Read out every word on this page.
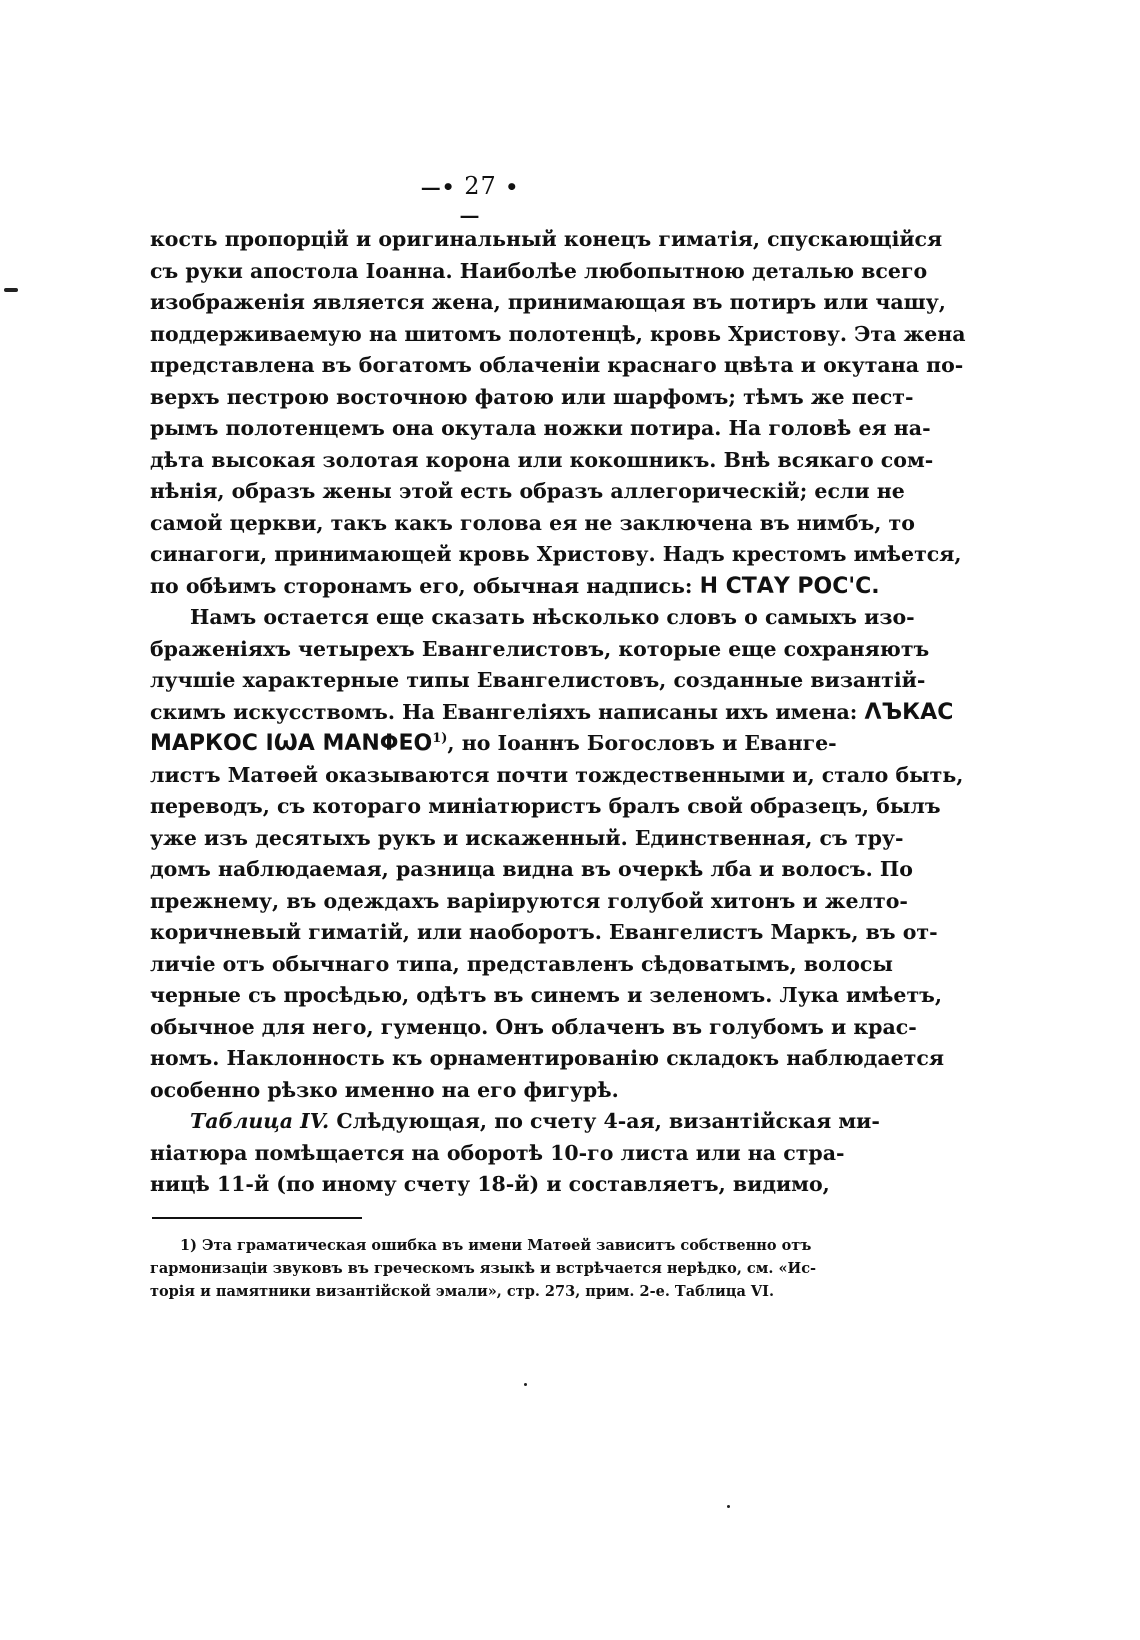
—• 27 •—
кость пропорцій и оригинальный конецъ гиматія, спускающійся
съ руки апостола Іоанна. Наиболѣе любопытною деталью всего
изображенія является жена, принимающая въ потиръ или чашу,
поддерживаемую на шитомъ полотенцѣ, кровь Христову. Эта жена
представлена въ богатомъ облаченіи краснаго цвѣта и окутана по-
верхъ пестрою восточною фатою или шарфомъ; тѣмъ же пест-
рымъ полотенцемъ она окутала ножки потира. На головѣ ея на-
дѣта высокая золотая корона или кокошникъ. Внѣ всякаго сом-
нѣнія, образъ жены этой есть образъ аллегорическій; если не
самой церкви, такъ какъ голова ея не заключена въ нимбъ, то
синагоги, принимающей кровь Христову. Надъ крестомъ имѣется,
по обѣимъ сторонамъ его, обычная надпись: Η СΤΑΥ ΡΟС'С.
Намъ остается еще сказать нѣсколько словъ о самыхъ изо-
браженіяхъ четырехъ Евангелистовъ, которые еще сохраняютъ
лучшіе характерные типы Евангелистовъ, созданные византій-
скимъ искусствомъ. На Евангеліяхъ написаны ихъ имена: ΛЪКАС
МАРКОС ІѠА ΜΑΝΦΕΟ$^{1)}$, но Іоаннъ Богословъ и Еванге-
листъ Матѳей оказываются почти тождественными и, стало быть,
переводъ, съ котораго миніатюристъ бралъ свой образецъ, былъ
уже изъ десятыхъ рукъ и искаженный. Единственная, съ тру-
домъ наблюдаемая, разница видна въ очеркѣ лба и волосъ. По
прежнему, въ одеждахъ варіируются голубой хитонъ и желто-
коричневый гиматій, или наоборотъ. Евангелистъ Маркъ, въ от-
личіе отъ обычнаго типа, представленъ сѣдоватымъ, волосы
черные съ просѣдью, одѣтъ въ синемъ и зеленомъ. Лука имѣетъ,
обычное для него, гуменцо. Онъ облаченъ въ голубомъ и крас-
номъ. Наклонность къ орнаментированію складокъ наблюдается
особенно рѣзко именно на его фигурѣ.
Таблица IV. Слѣдующая, по счету 4-ая, византійская ми-
ніатюра помѣщается на оборотѣ 10-го листа или на стра-
ницѣ 11-й (по иному счету 18-й) и составляетъ, видимо,
1) Эта граматическая ошибка въ имени Матѳей зависитъ собственно отъ
гармонизаціи звуковъ въ греческомъ языкѣ и встрѣчается нерѣдко, см. «Ис-
торія и памятники византійской эмали», стр. 273, прим. 2-е. Таблица VI.
